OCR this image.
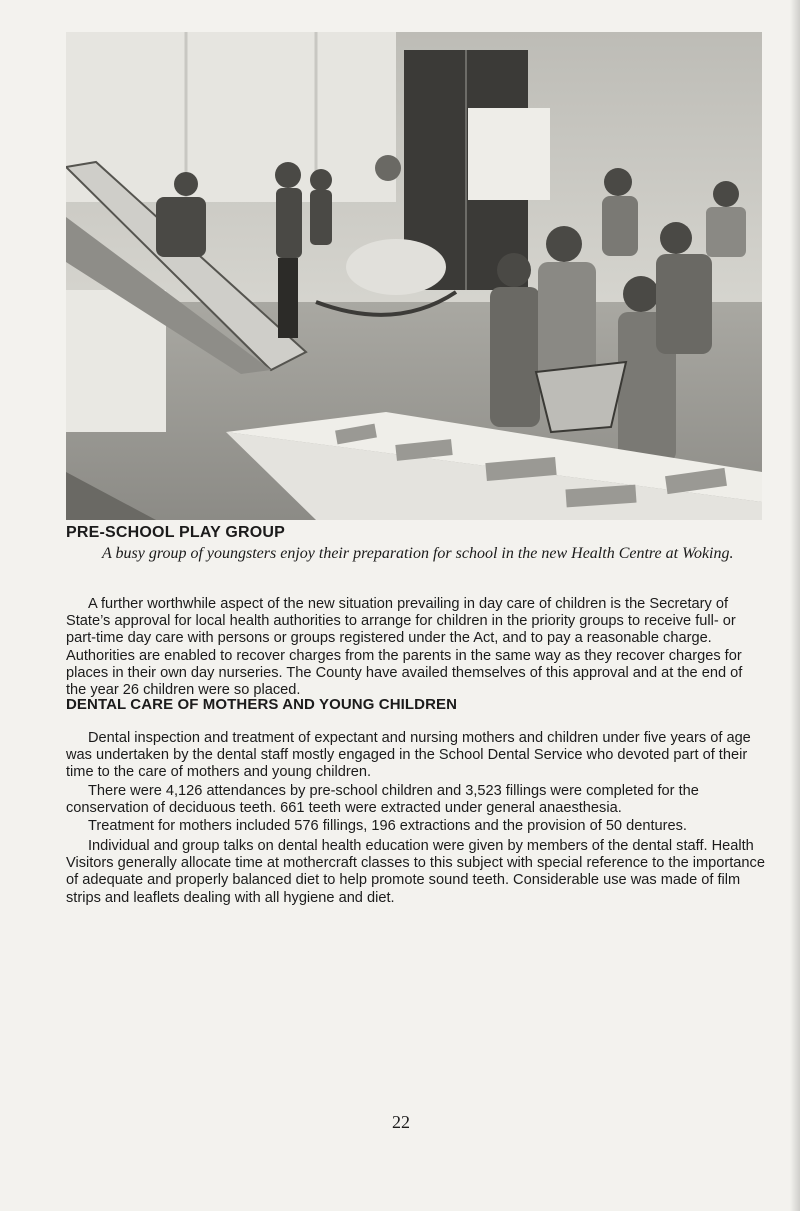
PRE-SCHOOL PLAY GROUP
A busy group of youngsters enjoy their preparation for school in the new Health Centre at Woking.

A further worthwhile aspect of the new situation prevailing in day care of children is the Secretary of State’s approval for local health authorities to arrange for children in the priority groups to receive full- or part-time day care with persons or groups registered under the Act, and to pay a reasonable charge. Authorities are enabled to recover charges from the parents in the same way as they recover charges for places in their own day nurseries. The County have availed themselves of this approval and at the end of the year 26 children were so placed.

DENTAL CARE OF MOTHERS AND YOUNG CHILDREN

Dental inspection and treatment of expectant and nursing mothers and children under five years of age was undertaken by the dental staff mostly engaged in the School Dental Service who devoted part of their time to the care of mothers and young children.

There were 4,126 attendances by pre-school children and 3,523 fillings were completed for the conservation of deciduous teeth. 661 teeth were extracted under general anaesthesia.

Treatment for mothers included 576 fillings, 196 extractions and the provision of 50 dentures.

Individual and group talks on dental health education were given by members of the dental staff. Health Visitors generally allocate time at mothercraft classes to this subject with special reference to the importance of adequate and properly balanced diet to help promote sound teeth. Considerable use was made of film strips and leaflets dealing with all hygiene and diet.

22
